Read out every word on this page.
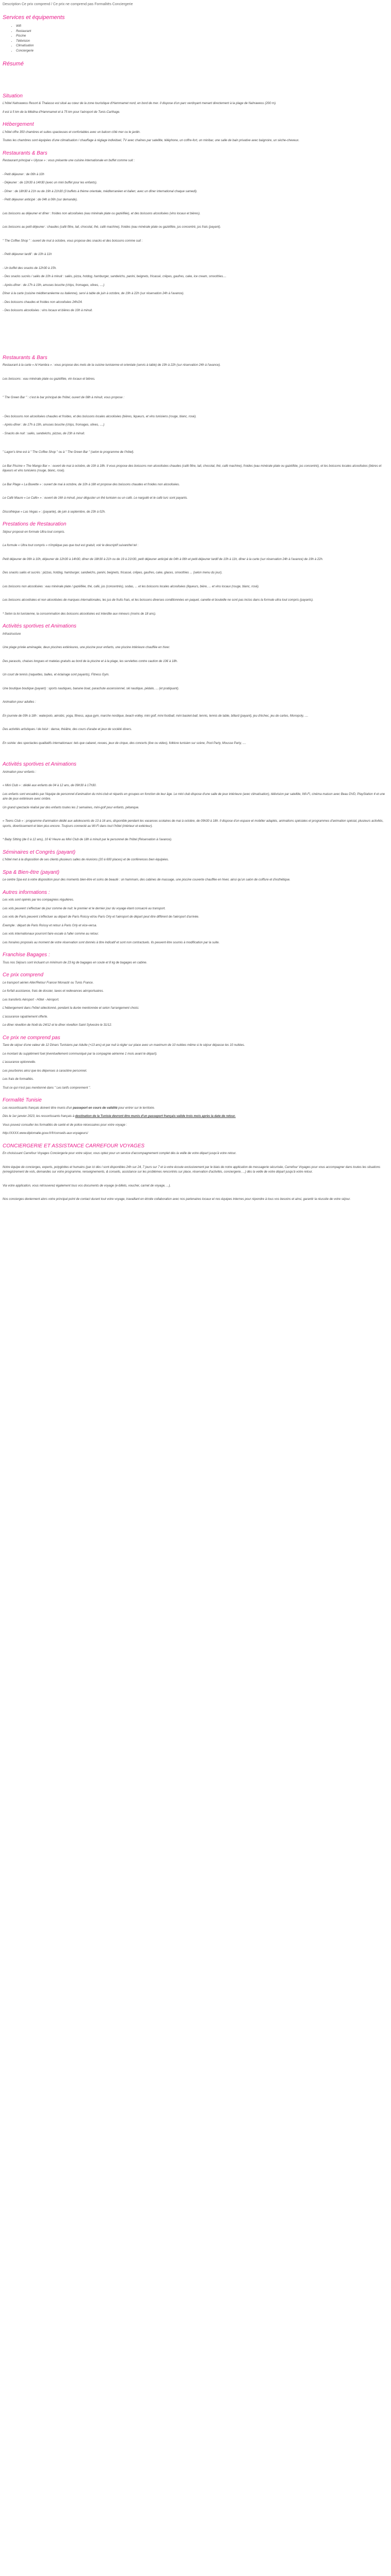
Description Ce prix comprend / Ce prix ne comprend pas Formalités Conciergerie
Services et équipements
• Wifi
• Restaurant
• Piscine
• Télévision
• Climatisation
• Conciergerie
Résumé
Situation

L'hôtel Nahrawess Resort & Thalasso est situé au cœur de la zone touristique d'Hammamet nord, en bord de mer. Il dispose d'un parc verdoyant menant directement à la plage de Nahrawess (200 m).

Il est à 5 km de la Médina d'Hammamet et à 75 km pour l'aéroport de Tunis-Carthage.

Hébergement

L'hôtel offre 350 chambres et suites spacieuses et confortables avec un balcon côté mer ou le jardin.

Toutes les chambres sont équipées d'une climatisation / chauffage à réglage individuel, TV avec chaînes par satellite, téléphone, un coffre-fort, un minibar, une salle de bain privative avec baignoire, un sèche-cheveux.

Restaurants & Bars

Restaurant principal « Ulysse » : vous présente une cuisine internationale en buffet comme suit :

- Petit déjeuner : de 06h à 10h

- Déjeuner : de 12h30 à 14h30 (avec un mini buffet pour les enfants).

- Dîner : de 18h30 à 21h ou de 19h à 21h30 (3 buffets à thème orientale, méditerranéen et italien; avec un dîner international chaque samedi).

- Petit déjeuner anticipé : de 04h à 06h (sur demande).

Les boissons au déjeuner et dîner : froides non alcoolisées (eau minérale plate ou gazéifiée), et des boissons alcoolisées (vins locaux et bières).

Les boissons au petit déjeuner : chaudes (café filtre, lait, chocolat, thé, café machine), froides (eau minérale plate ou gazéifiée, jus concentré, jus frais (payant).

" The Coffee Shop " : ouvert de mut à octobre, vous propose des snacks et des boissons comme suit :

- Petit déjeuner tardif : de 10h à 11h

- Un buffet des snacks de 12h30 à 15h.

- Des snacks sucrés / salés de 10h à minuit : salés, pizza, hotdog, hamburger, sandwichs, panini, beignets, fricassé, crêpes, gaufres, cake, ice cream, smoothies....

- Après-dîner : de 17h à 19h, amuses bouche (chips, fromages, olives, ....)

Dîner à la carte (cuisine méditerranéenne ou italienne), servi à table de juin à octobre, de 19h à 22h (sur réservation 24h à l'avance).

- Des boissons chaudes et froides non alcoolisées 24h/24.

- Des boissons alcoolisées : vins locaux et bières de 10h à minuit.

Restaurants & Bars

Restaurant à la carte « Al Hambra » : vous propose des mets de la cuisine tunisienne et orientale (servis à table) de 19h à 22h (sur réservation 24h à l'avance).

Les boissons : eau minérale plate ou gazéifiée, vin locaux et bières.

" The Green Bar " : c'est le bar principal de l'hôtel, ouvert de 08h à minuit, vous propose :

- Des boissons non alcoolisées chaudes et froides, et des boissons locales alcoolisées (bières, liqueurs, et vins tunisiens (rouge, blanc, rosé).

- Après-dîner : de 17h à 19h, amuses bouche (chips, fromages, olives, ....)

- Snacks de nuit : salés, sandwichs, pizzas, de 23h à minuit.

" Lagon's time est à " The Coffee Shop " ou à " The Green Bar " (selon le programme de l'hôtel).

Le Bar Piscine « The Mango Bar » : ouvert de mai à octobre, de 10h à 18h. Il vous propose des boissons non alcoolisées chaudes (café filtre, lait, chocolat, thé, café machine), froides (eau minérale plate ou gazéifiée, jus concentré), et les boissons locales alcoolisées (bières et liqueurs et vins tunisiens (rouge, blanc, rosé).

Le Bar Plage « La Buvette » : ouvert de mai à octobre, de 10h à 18h et propose des boissons chaudes et froides non alcoolisées.

Le Café Maure « Le Café» » : ouvert de 16h à minuit, pour déguster un thé tunisien ou un café. Le narguilé et le café turc sont payants.

Discothèque « Las Vegas » : (payante), de juin à septembre, de 23h à 02h.

Prestations de Restauration

Séjour proposé en formule Ultra tout compris.

La formule « Ultra tout compris » n'implique pas que tout est gratuit, voir le descriptif suivant/tel tel :

Petit déjeuner de 06h à 10h, déjeuner de 12h30 à 14h30, dîner de 18h30 à 21h ou de 19 à 21h30, petit déjeuner anticipé de 04h à 06h et petit-déjeuner tardif de 10h à 11h, dîner à la carte (sur réservation 24h à l'avance) de 19h à 22h.

Des snacks salés et sucrés : pizzas, hotdog, hamburger, sandwichs, panini, beignets, fricassé, crêpes, gaufres, cake, glaces, smoothies ... (selon menu du jour).

Les boissons non alcoolisées : eau minérale plate / gazéifiée, thé, café, jus (concentrés), sodas, ... et les boissons locales alcoolisées (liqueurs, bière, ... et vins locaux (rouge, blanc, rosé).

Les boissons alcoolisées et non alcoolisées de marques internationales, les jus de fruits frais, et les boissons diverses conditionnées en paquet, canette et bouteille ne sont pas inclus dans la formule ultra tout compris (payants).

* Selon la loi tunisienne, la consommation des boissons alcoolisées est interdite aux mineurs (moins de 18 ans).

Activités sportives et Animations

Infrastructure

Une plage privée aménagée, deux piscines extérieures, une piscine pour enfants, une piscine intérieure chauffée en hiver.

Des parasols, chaises longues et matelas gratuits au bord de la piscine et à la plage, les serviettes contre caution de 10€ à 18h.

Un court de tennis (raquettes, balles, et éclairage sont payants), Fitness Gym.

Une boutique boutique (payant) : sports nautiques, banane boat, parachute ascensionnel, ski nautique, pédalo, ... (et pratiquant).

Animation pour adultes :

En journée de 09h à 18h : waterpolo, aérobic, yoga, fitness, aqua gym, marche nordique, beach-volley, mini golf, mini-football, mini basket-ball, tennis, tennis de table, billard (payant), jeu d'échec, jeu de cartes, Monopoly, ....

Des activités artistiques / de loisir : danse, théâtre, des cours d'arabe et jeux de société divers.

En soirée: des spectacles qualitatifs internationaux: tels que cabaret, revues, jeux de cirque, des concerts (live ou video), folklore tunisien sur scène, Pool Party, Mousse Party, ....

Activités sportives et Animations

Animation pour enfants :

« Mini Club » : dédié aux enfants de 04 à 12 ans, de 09h30 à 17h30.

Les enfants sont encadrés par l'équipe de personnel d'animation du mini-club et répartis en groupes en fonction de leur âge. Le mini club dispose d'une salle de jeux intérieure (avec climatisation), télévision par satellite, Wii-Fi, cinéma maison avec Beau DVD, PlayStation 4 et une aire de jeux extérieure avec ombre.

Un grand spectacle réalisé par des enfants toutes les 2 semaines, mini-golf pour enfants, pétanque.

« Teens Club » : programme d'animation dédié aux adolescents de 13 à 16 ans, disponible pendant les vacances scolaires de mai à octobre, de 09h30 à 18h. Il dispose d'un espace et mobilier adaptés, animations spéciales et programmes d'animation spécial, plusieurs activités, sports, divertissement et bien plus encore. Toujours connecté au Wi-Fi dans tout l'hôtel (intérieur et extérieur).

* Baby Sitting (de 0 à 12 ans), 10 €/ Heure au Mini Club de 18h à minuit par le personnel de l'hôtel (Réservation à l'avance).

Séminaires et Congrès (payant)

L'hôtel met à la disposition de ses clients plusieurs salles de réunions (20 à 600 places) et de conférences bien équipées.

Spa & Bien-être (payant)

Le centre Spa est à votre disposition pour des moments bien-être et soins de beauté : un hammam, des cabines de massage, une piscine couverte chauffée en hiver, ainsi qu'un salon de coiffure et d'esthétique.

Autres informations :

Les vols sont opérés par les compagnies régulières.

Les vols peuvent s'effectuer de jour comme de nuit: le premier et le dernier jour du voyage étant consacré au transport.

Les vols de Paris peuvent s'effectuer au départ de Paris Roissy et/ou Paris Orly et l'aéroport de départ peut être différent de l'aéroport d'arrivée.

Exemple : départ de Paris Roissy et retour à Paris Orly et vice-versa.

Les vols internationaux pourront faire escale à l'aller comme au retour.

Les horaires proposés au moment de votre réservation sont donnés à titre indicatif et sont non contractuels. Ils peuvent être soumis à modification par la suite.

Franchise Bagages :

Tous nos Séjours sont incluant un minimum de 23 kg de bagages en soute et 8 kg de bagages en cabine.

Ce prix comprend

Le transport aérien Aller/Retour France/ Monastir ou Tunis France.

Le forfait assistance, frais de dossier, taxes et redevances aéroportuaires.

Les transferts Aéroport - Hôtel - Aéroport.

L'hébergement dans l'hôtel sélectionné, pendant la durée mentionnée et selon l'arrangement choisi.

L'assurance rapatriement offerte.

Le dîner réveillon de Noël du 24/12 et le dîner réveillon Saint Sylvestre le 31/12.

Ce prix ne comprend pas

Taxe de séjour d'une valeur de 12 Dinars Tunisiens par Adulte (+13 ans) et par nuit à régler sur place avec un maximum de 10 nuitées même si le séjour dépasse les 10 nuitées.

Le montant du supplément fuel (éventuellement communiqué par la compagnie aérienne 1 mois avant le départ).

L'assurance optionnelle.

Les pourboires ainsi que les dépenses à caractère personnel.

Les frais de formalités.

Tout ce qui n'est pas mentionné dans " Les tarifs comprennent ".

Formalité Tunisie

Les ressortissants français doivent être munis d'un passeport en cours de validité pour entrer sur le territoire.

Dès le 1er janvier 2023, les ressortissants français à destination de la Tunisie devront être munis d'un passeport français valide trois mois après la date de retour.

Vous pouvez consulter les formalités de santé et de police nécessaires pour votre voyage :

http://XXXX.www.diplomatie.gouv.fr/fr/conseils-aux-voyageurs/

CONCIERGERIE ET ASSISTANCE CARREFOUR VOYAGES

En choisissant Carrefour Voyages Conciergerie pour votre séjour, vous optez pour un service d'accompagnement complet dès la veille de votre départ jusqu'à votre retour.

Notre équipe de concierges, experts, polyglottes et humains (par ici dès l sont disponibles 24h sur 24, 7 jours sur 7 et à votre écoute exclusivement par le biais de notre application de messagerie sécurisée, Carrefour Voyages pour vous accompagner dans toutes les situations (enregistrement de vols, demandes sur votre programme, renseignements, & conseils, assistance sur les problèmes rencontrés sur place, réservation d'activités, conciergerie, ...) dès la veille de votre départ jusqu'à votre retour.

Via votre application, vous retrouverez également tous vos documents de voyage (e-billets, voucher, carnet de voyage, ...).

Nos concierges deviennent alors votre principal point de contact durant tout votre voyage, travaillant en étroite collaboration avec nos partenaires locaux et nos équipes internes pour répondre à tous vos besoins et ainsi, garantir la réussite de votre séjour.
